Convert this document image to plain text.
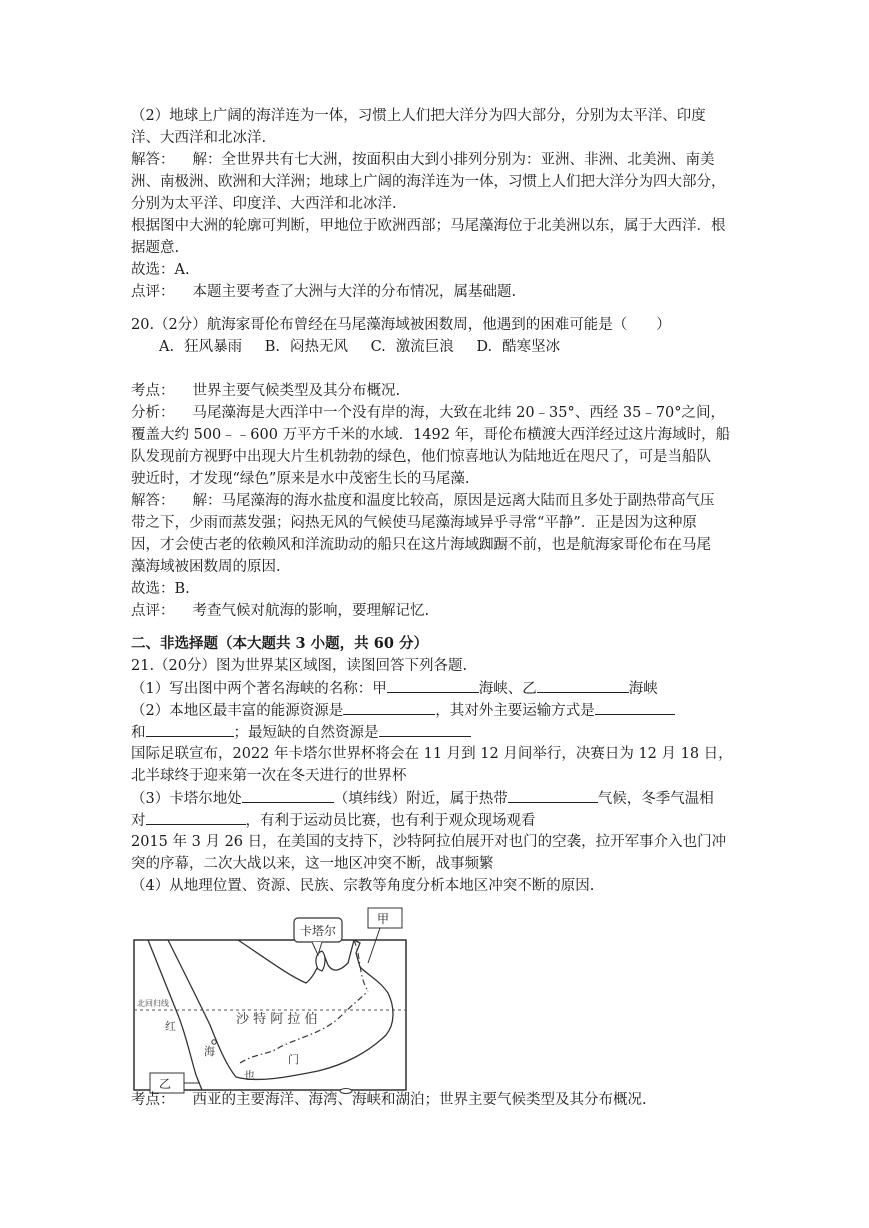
（2）地球上广阔的海洋连为一体，习惯上人们把大洋分为四大部分，分别为太平洋、印度
洋、大西洋和北冰洋.
解答： 解：全世界共有七大洲，按面积由大到小排列分别为：亚洲、非洲、北美洲、南美
洲、南极洲、欧洲和大洋洲；地球上广阔的海洋连为一体，习惯上人们把大洋分为四大部分，
分别为太平洋、印度洋、大西洋和北冰洋.
根据图中大洲的轮廓可判断，甲地位于欧洲西部；马尾藻海位于北美洲以东，属于大西洋．根
据题意.
故选：A.
点评： 本题主要考查了大洲与大洋的分布情况，属基础题.
20.（2分）航海家哥伦布曾经在马尾藻海域被困数周，他遇到的困难可能是（　　）
A. 狂风暴雨 B. 闷热无风 C. 激流巨浪 D. 酷寒坚冰
考点： 世界主要气候类型及其分布概况.
分析： 马尾藻海是大西洋中一个没有岸的海，大致在北纬 20﹣35°、西经 35﹣70°之间，
覆盖大约 500﹣﹣600 万平方千米的水域．1492 年，哥伦布横渡大西洋经过这片海域时，船
队发现前方视野中出现大片生机勃勃的绿色，他们惊喜地认为陆地近在咫尺了，可是当船队
驶近时，才发现“绿色”原来是水中茂密生长的马尾藻.
解答： 解：马尾藻海的海水盐度和温度比较高，原因是远离大陆而且多处于副热带高气压
带之下，少雨而蒸发强；闷热无风的气候使马尾藻海域异乎寻常“平静”．正是因为这种原
因，才会使古老的依赖风和洋流助动的船只在这片海域踟蹰不前，也是航海家哥伦布在马尾
藻海域被困数周的原因.
故选：B.
点评： 考查气候对航海的影响，要理解记忆.
二、非选择题（本大题共 3 小题，共 60 分）
21.（20分）图为世界某区域图，读图回答下列各题.
（1）写出图中两个著名海峡的名称：甲	海峡、乙	海峡
（2）本地区最丰富的能源资源是	，其对外主要运输方式是
和	；最短缺的自然资源是
国际足联宣布，2022 年卡塔尔世界杯将会在 11 月到 12 月间举行，决赛日为 12 月 18 日，
北半球终于迎来第一次在冬天进行的世界杯
（3）卡塔尔地处	（填纬线）附近，属于热带	气候，冬季气温相
对	，有利于运动员比赛，也有利于观众现场观看
2015 年 3 月 26 日，在美国的支持下，沙特阿拉伯展开对也门的空袭，拉开军事介入也门冲
突的序幕，二次大战以来，这一地区冲突不断，战事频繁
（4）从地理位置、资源、民族、宗教等角度分析本地区冲突不断的原因.
甲
卡塔尔
北回归线
红
海
沙 特 阿 拉 伯
也
门
乙
考点： 西亚的主要海洋、海湾、海峡和湖泊；世界主要气候类型及其分布概况.
